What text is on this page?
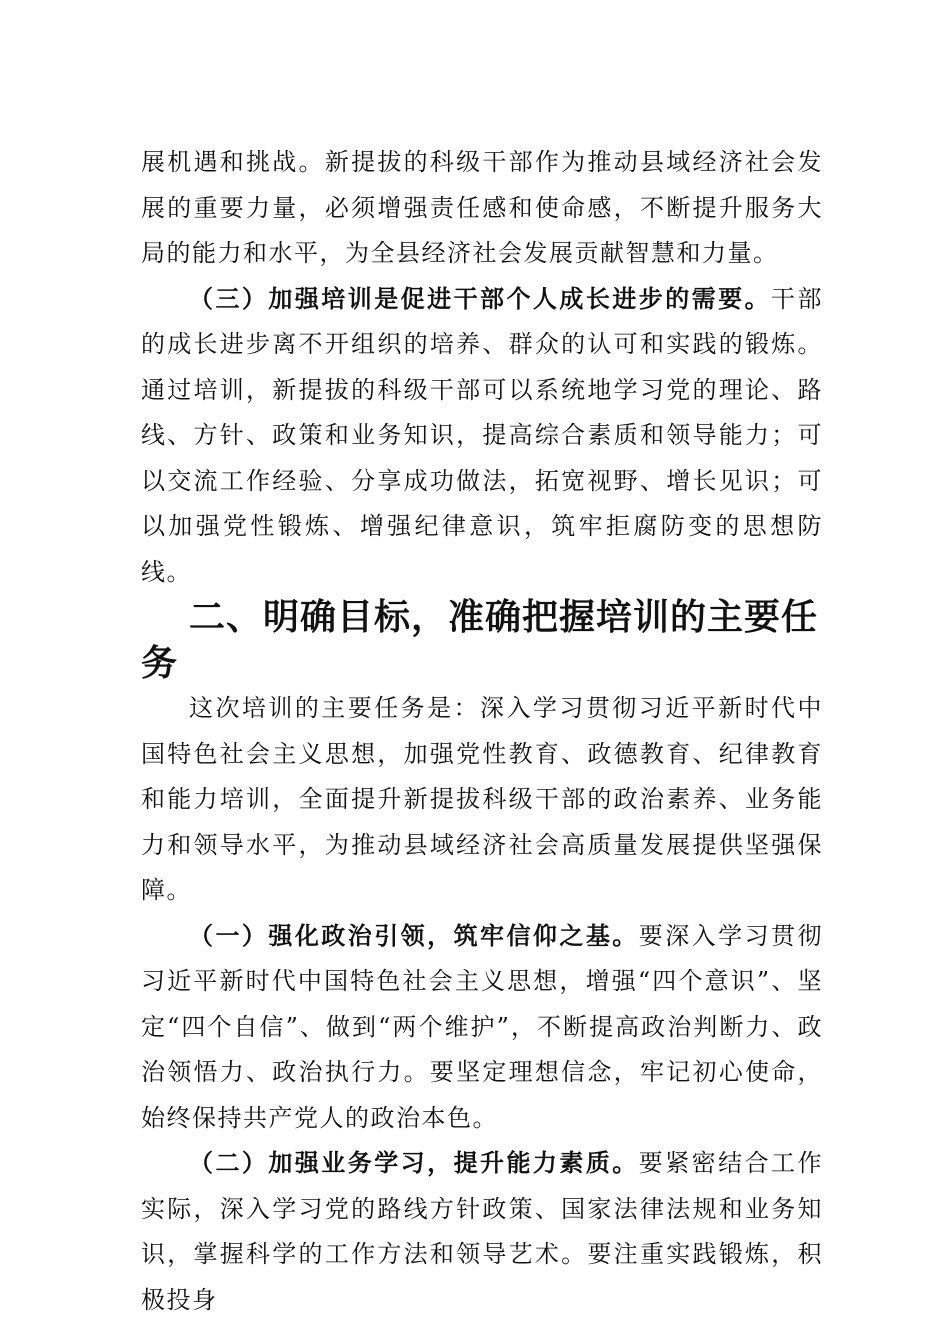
展机遇和挑战。新提拔的科级干部作为推动县域经济社会发展的重要力量，必须增强责任感和使命感，不断提升服务大局的能力和水平，为全县经济社会发展贡献智慧和力量。

（三）加强培训是促进干部个人成长进步的需要。干部的成长进步离不开组织的培养、群众的认可和实践的锻炼。通过培训，新提拔的科级干部可以系统地学习党的理论、路线、方针、政策和业务知识，提高综合素质和领导能力；可以交流工作经验、分享成功做法，拓宽视野、增长见识；可以加强党性锻炼、增强纪律意识，筑牢拒腐防变的思想防线。

二、明确目标，准确把握培训的主要任务

这次培训的主要任务是：深入学习贯彻习近平新时代中国特色社会主义思想，加强党性教育、政德教育、纪律教育和能力培训，全面提升新提拔科级干部的政治素养、业务能力和领导水平，为推动县域经济社会高质量发展提供坚强保障。

（一）强化政治引领，筑牢信仰之基。要深入学习贯彻习近平新时代中国特色社会主义思想，增强“四个意识”、坚定“四个自信”、做到“两个维护”，不断提高政治判断力、政治领悟力、政治执行力。要坚定理想信念，牢记初心使命，始终保持共产党人的政治本色。

（二）加强业务学习，提升能力素质。要紧密结合工作实际，深入学习党的路线方针政策、国家法律法规和业务知识，掌握科学的工作方法和领导艺术。要注重实践锻炼，积极投身
